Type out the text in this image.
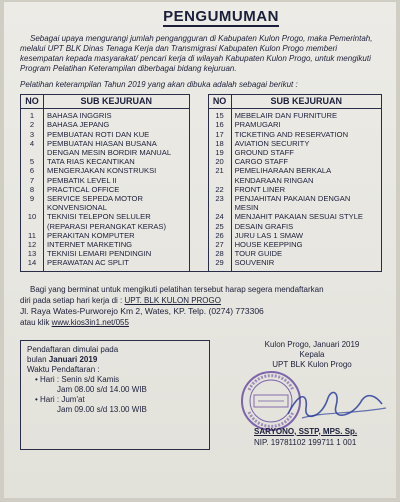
PENGUMUMAN
Sebagai upaya mengurangi jumlah pengangguran di Kabupaten Kulon Progo, maka Pemerintah, melalui UPT BLK Dinas Tenaga Kerja dan Transmigrasi Kabupaten Kulon Progo memberi kesempatan kepada masyarakat/ pencari kerja di wilayah Kabupaten Kulon Progo, untuk mengikuti Program Pelatihan Keterampilan diberbagai bidang kejuruan.
Pelatihan keterampilan Tahun 2019 yang akan dibuka adalah sebagai berikut :
NO	SUB KEJURUAN		NO	SUB KEJURUAN
1	BAHASA INGGRIS		15	MEBELAIR DAN FURNITURE
2	BAHASA JEPANG		16	PRAMUGARI
3	PEMBUATAN ROTI DAN KUE		17	TICKETING AND RESERVATION
4	PEMBUATAN HIASAN BUSANA		18	AVIATION SECURITY
	DENGAN MESIN BORDIR MANUAL		19	GROUND STAFF
5	TATA RIAS KECANTIKAN		20	CARGO STAFF
6	MENGERJAKAN KONSTRUKSI		21	PEMELIHARAAN BERKALA
7	PEMBATIK LEVEL II			KENDARAAN RINGAN
8	PRACTICAL OFFICE		22	FRONT LINER
9	SERVICE SEPEDA MOTOR		23	PENJAHITAN PAKAIAN DENGAN
	KONVENSIONAL			MESIN
10	TEKNISI TELEPON SELULER		24	MENJAHIT PAKAIAN SESUAI STYLE
	(REPARASI PERANGKAT KERAS)		25	DESAIN GRAFIS
11	PERAKITAN KOMPUTER		26	JURU LAS 1 SMAW
12	INTERNET MARKETING		27	HOUSE KEEPPING
13	TEKNISI LEMARI PENDINGIN		28	TOUR GUIDE
14	PERAWATAN AC SPLIT		29	SOUVENIR
Bagi yang berminat untuk mengikuti pelatihan tersebut harap segera mendaftarkan
diri pada setiap hari kerja di : UPT. BLK KULON PROGO
Jl. Raya Wates-Purworejo Km 2, Wates, KP. Telp. (0274) 773306
atau klik www.kios3in1.net/055
Pendaftaran dimulai pada
bulan Januari 2019
Waktu Pendaftaran :
• Hari : Senin s/d Kamis
Jam 08.00 s/d 14.00 WIB
• Hari : Jum'at
Jam 09.00 s/d 13.00 WIB
Kulon Progo, Januari 2019
Kepala
UPT BLK Kulon Progo
SARYONO, SSTP, MPS. Sp.
NIP. 19781102 199711 1 001
